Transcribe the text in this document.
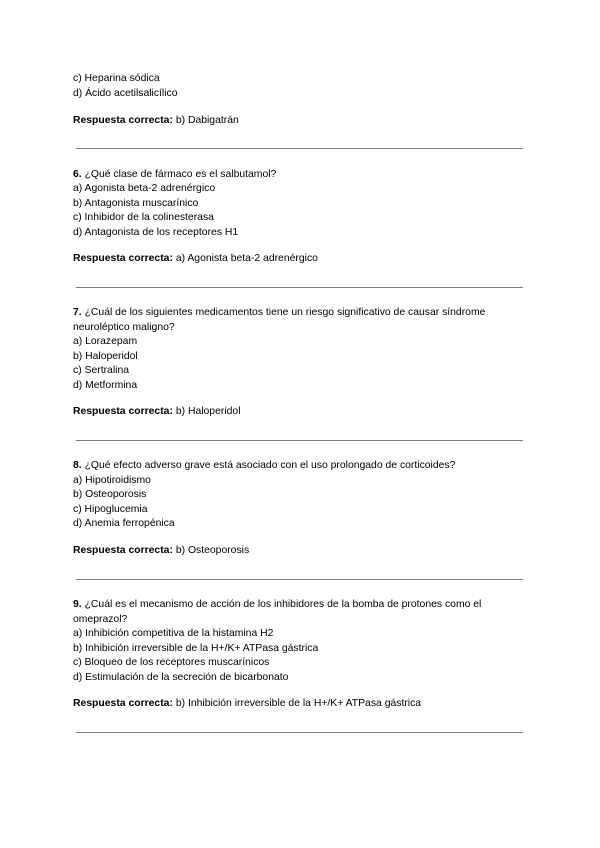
c) Heparina sódica
d) Ácido acetilsalicílico
Respuesta correcta: b) Dabigatrán
6. ¿Qué clase de fármaco es el salbutamol?
a) Agonista beta-2 adrenérgico
b) Antagonista muscarínico
c) Inhibidor de la colinesterasa
d) Antagonista de los receptores H1
Respuesta correcta: a) Agonista beta-2 adrenérgico
7. ¿Cuál de los siguientes medicamentos tiene un riesgo significativo de causar síndrome
neuroléptico maligno?
a) Lorazepam
b) Haloperidol
c) Sertralina
d) Metformina
Respuesta correcta: b) Haloperidol
8. ¿Qué efecto adverso grave está asociado con el uso prolongado de corticoides?
a) Hipotiroidismo
b) Osteoporosis
c) Hipoglucemia
d) Anemia ferropénica
Respuesta correcta: b) Osteoporosis
9. ¿Cuál es el mecanismo de acción de los inhibidores de la bomba de protones como el
omeprazol?
a) Inhibición competitiva de la histamina H2
b) Inhibición irreversible de la H+/K+ ATPasa gástrica
c) Bloqueo de los receptores muscarínicos
d) Estimulación de la secreción de bicarbonato
Respuesta correcta: b) Inhibición irreversible de la H+/K+ ATPasa gástrica
